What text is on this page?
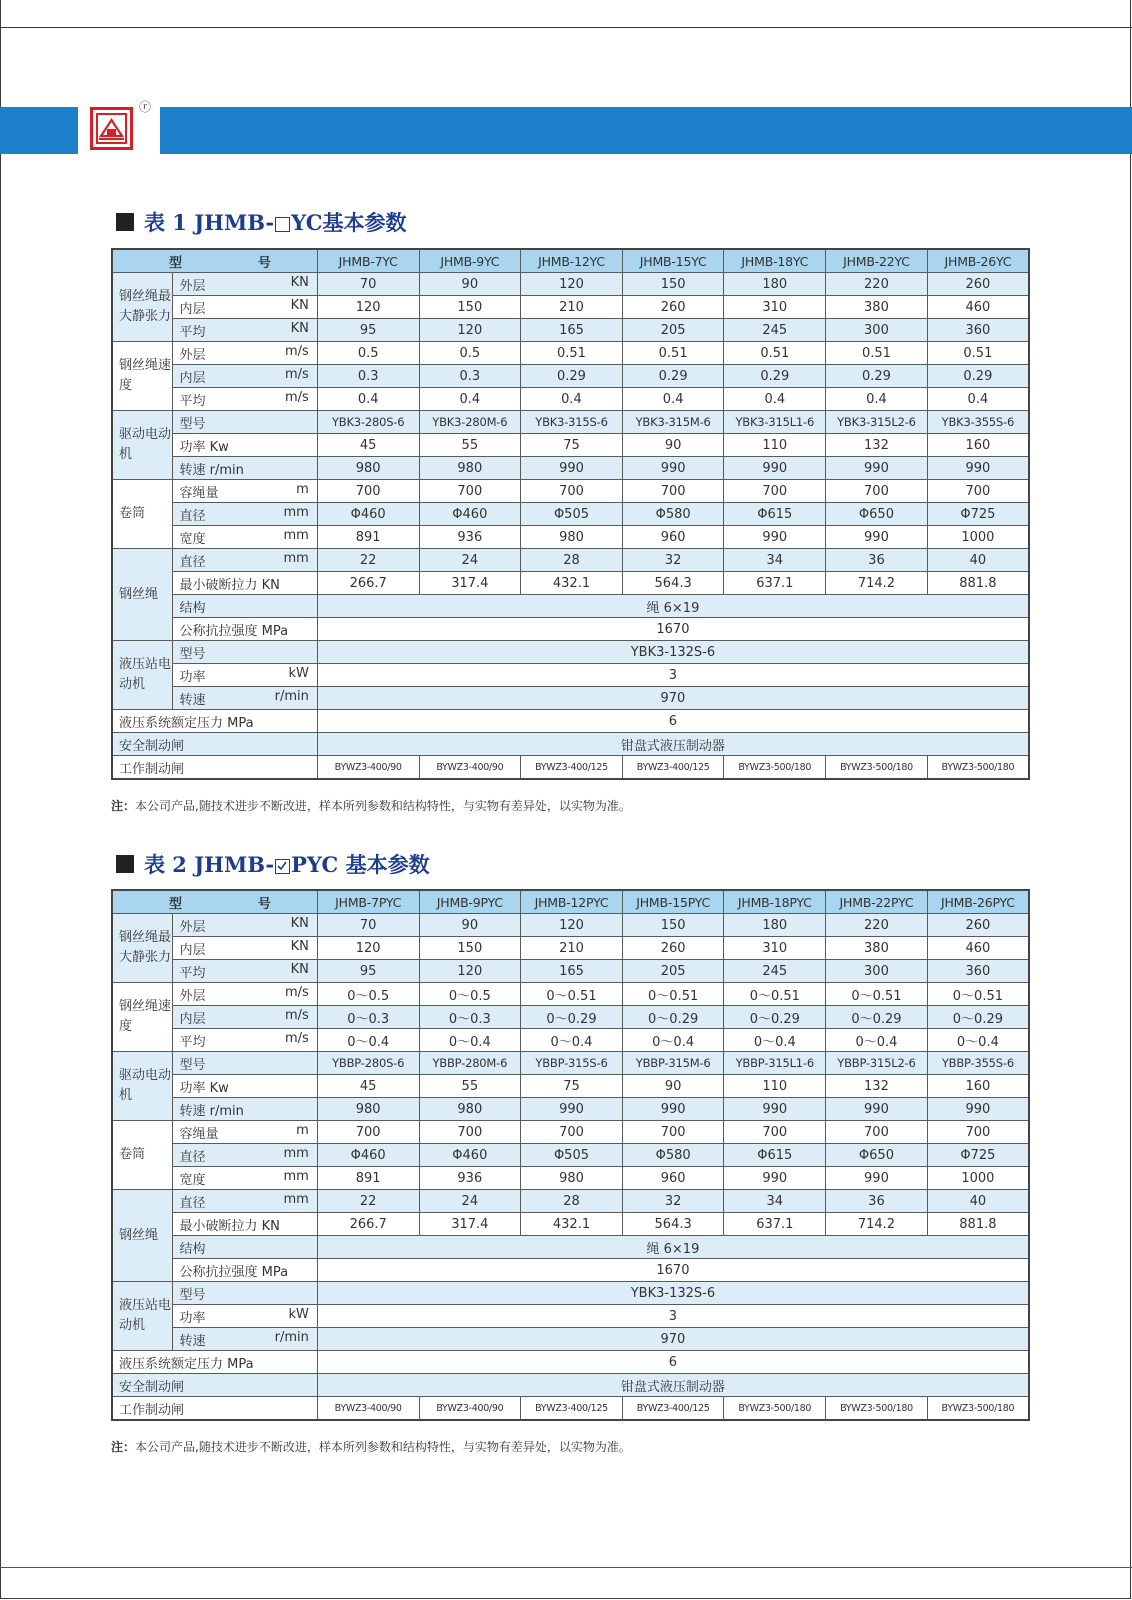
ⓡ
表 1 JHMB- YC基本参数
型 号		JHMB-7YC	JHMB-9YC	JHMB-12YC	JHMB-15YC	JHMB-18YC	JHMB-22YC	JHMB-26YC
钢丝绳最大静张力	外层 KN	70	90	120	150	180	220	260
	内层 KN	120	150	210	260	310	380	460
	平均 KN	95	120	165	205	245	300	360
钢丝绳速度	外层 m/s	0.5	0.5	0.51	0.51	0.51	0.51	0.51
	内层 m/s	0.3	0.3	0.29	0.29	0.29	0.29	0.29
	平均 m/s	0.4	0.4	0.4	0.4	0.4	0.4	0.4
驱动电动机	型号	YBK3-280S-6	YBK3-280M-6	YBK3-315S-6	YBK3-315M-6	YBK3-315L1-6	YBK3-315L2-6	YBK3-355S-6
	功率 Kw	45	55	75	90	110	132	160
	转速 r/min	980	980	990	990	990	990	990
卷筒	容绳量 m	700	700	700	700	700	700	700
	直径 mm	Φ460	Φ460	Φ505	Φ580	Φ615	Φ650	Φ725
	宽度 mm	891	936	980	960	990	990	1000
钢丝绳	直径 mm	22	24	28	32	34	36	40
	最小破断拉力 KN	266.7	317.4	432.1	564.3	637.1	714.2	881.8
	结构	绳 6×19						
	公称抗拉强度 MPa	1670						
液压站电动机	型号	YBK3-132S-6						
	功率 kW	3						
	转速 r/min	970						
液压系统额定压力 MPa		6						
安全制动闸		钳盘式液压制动器						
工作制动闸		BYWZ3-400/90	BYWZ3-400/90	BYWZ3-400/125	BYWZ3-400/125	BYWZ3-500/180	BYWZ3-500/180	BYWZ3-500/180
注：本公司产品,随技术进步不断改进，样本所列参数和结构特性，与实物有差异处，以实物为准。
表 2 JHMB- PYC 基本参数
型 号		JHMB-7PYC	JHMB-9PYC	JHMB-12PYC	JHMB-15PYC	JHMB-18PYC	JHMB-22PYC	JHMB-26PYC
钢丝绳最大静张力	外层 KN	70	90	120	150	180	220	260
	内层 KN	120	150	210	260	310	380	460
	平均 KN	95	120	165	205	245	300	360
钢丝绳速度	外层 m/s	0～0.5	0～0.5	0～0.51	0～0.51	0～0.51	0～0.51	0～0.51
	内层 m/s	0～0.3	0～0.3	0～0.29	0～0.29	0～0.29	0～0.29	0～0.29
	平均 m/s	0～0.4	0～0.4	0～0.4	0～0.4	0～0.4	0～0.4	0～0.4
驱动电动机	型号	YBBP-280S-6	YBBP-280M-6	YBBP-315S-6	YBBP-315M-6	YBBP-315L1-6	YBBP-315L2-6	YBBP-355S-6
	功率 Kw	45	55	75	90	110	132	160
	转速 r/min	980	980	990	990	990	990	990
卷筒	容绳量 m	700	700	700	700	700	700	700
	直径 mm	Φ460	Φ460	Φ505	Φ580	Φ615	Φ650	Φ725
	宽度 mm	891	936	980	960	990	990	1000
钢丝绳	直径 mm	22	24	28	32	34	36	40
	最小破断拉力 KN	266.7	317.4	432.1	564.3	637.1	714.2	881.8
	结构	绳 6×19						
	公称抗拉强度 MPa	1670						
液压站电动机	型号	YBK3-132S-6						
	功率 kW	3						
	转速 r/min	970						
液压系统额定压力 MPa		6						
安全制动闸		钳盘式液压制动器						
工作制动闸		BYWZ3-400/90	BYWZ3-400/90	BYWZ3-400/125	BYWZ3-400/125	BYWZ3-500/180	BYWZ3-500/180	BYWZ3-500/180
注：本公司产品,随技术进步不断改进，样本所列参数和结构特性，与实物有差异处，以实物为准。
